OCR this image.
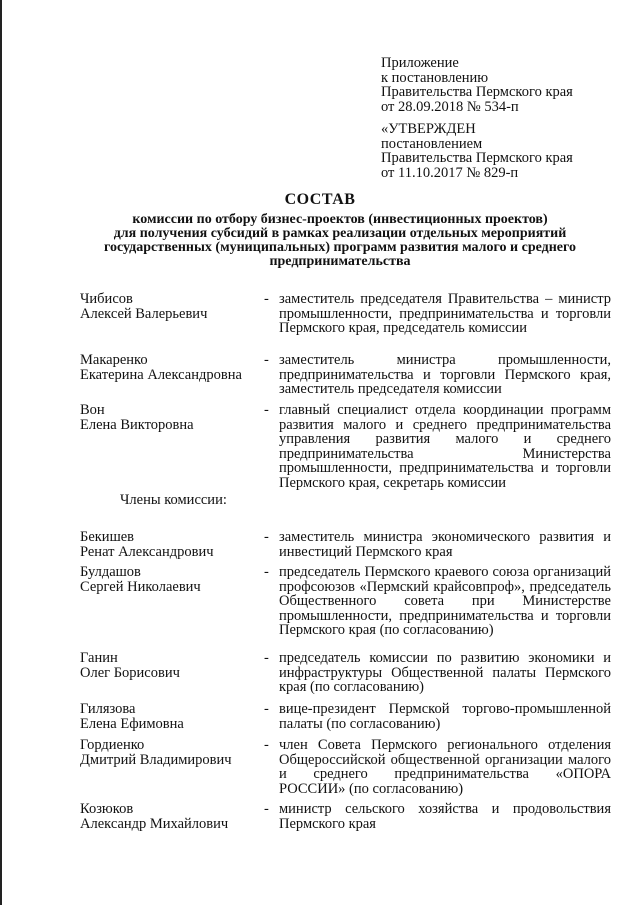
Приложение
к постановлению
Правительства Пермского края
от 28.09.2018 № 534-п
«УТВЕРЖДЕН
постановлением
Правительства Пермского края
от 11.10.2017 № 829-п
СОСТАВ
комиссии по отбору бизнес-проектов (инвестиционных проектов)
для получения субсидий в рамках реализации отдельных мероприятий
государственных (муниципальных) программ развития малого и среднего
предпринимательства
Чибисов
Алексей Валерьевич
- заместитель председателя Правительства – министр промышленности, предпринимательства и торговли Пермского края, председатель комиссии
Макаренко
Екатерина Александровна
- заместитель министра промышленности, предпринимательства и торговли Пермского края, заместитель председателя комиссии
Вон
Елена Викторовна
- главный специалист отдела координации программ развития малого и среднего предпринимательства управления развития малого и среднего предпринимательства Министерства промышленности, предпринимательства и торговли Пермского края, секретарь комиссии
Члены комиссии:
Бекишев
Ренат Александрович
- заместитель министра экономического развития и инвестиций Пермского края
Булдашов
Сергей Николаевич
- председатель Пермского краевого союза организаций профсоюзов «Пермский крайсовпроф», председатель Общественного совета при Министерстве промышленности, предпринимательства и торговли Пермского края (по согласованию)
Ганин
Олег Борисович
- председатель комиссии по развитию экономики и инфраструктуры Общественной палаты Пермского края (по согласованию)
Гилязова
Елена Ефимовна
- вице-президент Пермской торгово-промышленной палаты (по согласованию)
Гордиенко
Дмитрий Владимирович
- член Совета Пермского регионального отделения Общероссийской общественной организации малого и среднего предпринимательства «ОПОРА РОССИИ» (по согласованию)
Козюков
Александр Михайлович
- министр сельского хозяйства и продовольствия Пермского края
